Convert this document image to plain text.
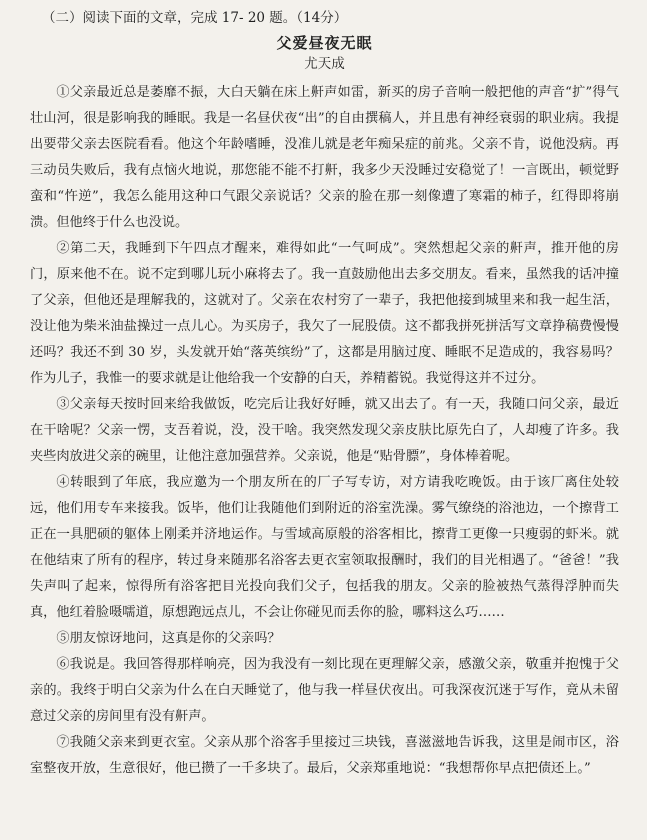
（二）阅读下面的文章，完成 17- 20 题。（14分）
父爱昼夜无眠
尤天成

①父亲最近总是萎靡不振，大白天躺在床上鼾声如雷，新买的房子音响一般把他的声音“扩”得气壮山河，很是影响我的睡眠。我是一名昼伏夜“出”的自由撰稿人，并且患有神经衰弱的职业病。我提出要带父亲去医院看看。他这个年龄嗜睡，没准儿就是老年痴呆症的前兆。父亲不肯，说他没病。再三动员失败后，我有点恼火地说，那您能不能不打鼾，我多少天没睡过安稳觉了！一言既出，顿觉野蛮和“忤逆”，我怎么能用这种口气跟父亲说话？父亲的脸在那一刻像遭了寒霜的柿子，红得即将崩溃。但他终于什么也没说。

②第二天，我睡到下午四点才醒来，难得如此“一气呵成”。突然想起父亲的鼾声，推开他的房门，原来他不在。说不定到哪儿玩小麻将去了。我一直鼓励他出去多交朋友。看来，虽然我的话冲撞了父亲，但他还是理解我的，这就对了。父亲在农村穷了一辈子，我把他接到城里来和我一起生活，没让他为柴米油盐操过一点儿心。为买房子，我欠了一屁股债。这不都我拼死拼活写文章挣稿费慢慢还吗？我还不到 30 岁，头发就开始“落英缤纷”了，这都是用脑过度、睡眠不足造成的，我容易吗？作为儿子，我惟一的要求就是让他给我一个安静的白天，养精蓄锐。我觉得这并不过分。

③父亲每天按时回来给我做饭，吃完后让我好好睡，就又出去了。有一天，我随口问父亲，最近在干啥呢？父亲一愣，支吾着说，没，没干啥。我突然发现父亲皮肤比原先白了，人却瘦了许多。我夹些肉放进父亲的碗里，让他注意加强营养。父亲说，他是“贴骨膘”，身体棒着呢。

④转眼到了年底，我应邀为一个朋友所在的厂子写专访，对方请我吃晚饭。由于该厂离住处较远，他们用专车来接我。饭毕，他们让我随他们到附近的浴室洗澡。雾气缭绕的浴池边，一个擦背工正在一具肥硕的躯体上刚柔并济地运作。与雪域高原般的浴客相比，擦背工更像一只瘦弱的虾米。就在他结束了所有的程序，转过身来随那名浴客去更衣室领取报酬时，我们的目光相遇了。“爸爸！”我失声叫了起来，惊得所有浴客把目光投向我们父子，包括我的朋友。父亲的脸被热气蒸得浮肿而失真，他红着脸嗫嚅道，原想跑远点儿，不会让你碰见而丢你的脸，哪料这么巧……

⑤朋友惊讶地问，这真是你的父亲吗？

⑥我说是。我回答得那样响亮，因为我没有一刻比现在更理解父亲，感激父亲，敬重并抱愧于父亲的。我终于明白父亲为什么在白天睡觉了，他与我一样昼伏夜出。可我深夜沉迷于写作，竟从未留意过父亲的房间里有没有鼾声。

⑦我随父亲来到更衣室。父亲从那个浴客手里接过三块钱，喜滋滋地告诉我，这里是闹市区，浴室整夜开放，生意很好，他已攒了一千多块了。最后，父亲郑重地说：“我想帮你早点把债还上。”
